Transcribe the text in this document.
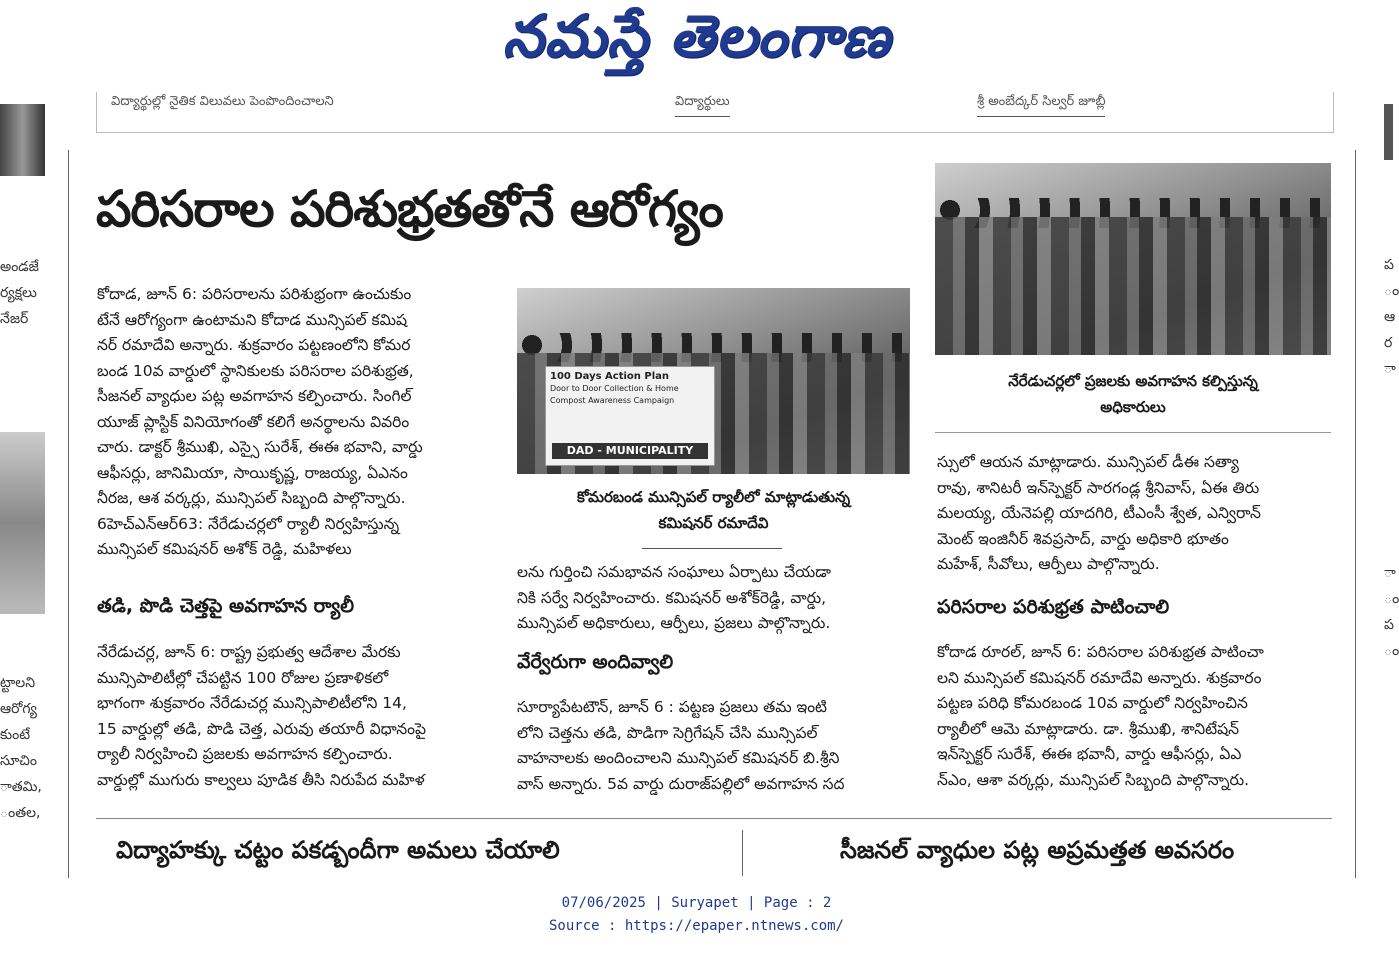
నమస్తే తెలంగాణ
విద్యార్థుల్లో నైతిక విలువలు పెంపొందించాలని	విద్యార్థులు	శ్రీ అంబేద్కర్ సిల్వర్ జూబ్లీ
అండజే
ర్యక్షలు
నేజర్
ట్టాలని
ఆరోగ్య
కుంటే
సూచిం
ాతమి,
ంతల,
ప
ం
ఆ
ర
ా
ా
ం
ప
ం
పరిసరాల పరిశుభ్రతతోనే ఆరోగ్యం

కోదాడ, జూన్ 6: పరిసరాలను పరిశుభ్రంగా ఉంచుకుం

టేనే ఆరోగ్యంగా ఉంటామని కోదాడ మున్సిపల్ కమిష

నర్ రమాదేవి అన్నారు. శుక్రవారం పట్టణంలోని కోమర

బండ 10వ వార్డులో స్థానికులకు పరిసరాల పరిశుభ్రత,

సీజనల్ వ్యాధుల పట్ల అవగాహన కల్పించారు. సింగిల్

యూజ్ ప్లాస్టిక్ వినియోగంతో కలిగే అనర్థాలను వివరిం

చారు. డాక్టర్ శ్రీముఖి, ఎస్సై సురేశ్, ఈఈ భవాని, వార్డు

ఆఫీసర్లు, జానిమియా, సాయికృష్ణ, రాజయ్య, ఏఎనం

నీరజ, ఆశ వర్కర్లు, మున్సిపల్ సిబ్బంది పాల్గొన్నారు.

6హెచ్ఎన్ఆర్63: నేరేడుచర్లలో ర్యాలీ నిర్వహిస్తున్న

మున్సిపల్ కమిషనర్ అశోక్ రెడ్డి, మహిళలు

తడి, పొడి చెత్తపై అవగాహన ర్యాలీ

నేరేడుచర్ల, జూన్ 6: రాష్ట్ర ప్రభుత్వ ఆదేశాల మేరకు

మున్సిపాలిటీల్లో చేపట్టిన 100 రోజుల ప్రణాళికలో

భాగంగా శుక్రవారం నేరేడుచర్ల మున్సిపాలిటీలోని 14,

15 వార్డుల్లో తడి, పొడి చెత్త, ఎరువు తయారీ విధానంపై

ర్యాలీ నిర్వహించి ప్రజలకు అవగాహన కల్పించారు.

వార్డుల్లో ముగురు కాల్వలు పూడిక తీసి నిరుపేద మహిళ

100 Days Action Plan
Door to Door Collection & Home Compost Awareness Campaign
DAD - MUNICIPALITY
కోమరబండ మున్సిపల్ ర్యాలీలో మాట్లాడుతున్న
కమిషనర్ రమాదేవి

లను గుర్తించి సమభావన సంఘాలు ఏర్పాటు చేయడా

నికి సర్వే నిర్వహించారు. కమిషనర్ అశోక్‌రెడ్డి, వార్డు,

మున్సిపల్ అధికారులు, ఆర్పీలు, ప్రజలు పాల్గొన్నారు.

వేర్వేరుగా అందివ్వాలి

సూర్యాపేటటౌన్, జూన్ 6 : పట్టణ ప్రజలు తమ ఇంటి

లోని చెత్తను తడి, పొడిగా సెగ్రిగేషన్ చేసి మున్సిపల్

వాహనాలకు అందించాలని మున్సిపల్ కమిషనర్ బి.శ్రీని

వాస్ అన్నారు. 5వ వార్డు దురాజ్‌పల్లిలో అవగాహన సద

నేరేడుచర్లలో ప్రజలకు అవగాహన కల్పిస్తున్న
అధికారులు

స్సులో ఆయన మాట్లాడారు. మున్సిపల్ డీఈ సత్యా

రావు, శానిటరీ ఇన్‌స్పెక్టర్ సారగండ్ల శ్రీనివాస్, ఏఈ తిరు

మలయ్య, యేనెపల్లి యాదగిరి, టీఎంసీ శ్వేత, ఎన్విరాన్

మెంట్ ఇంజినీర్ శివప్రసాద్, వార్డు అధికారి భూతం

మహేశ్, సీవోలు, ఆర్పీలు పాల్గొన్నారు.

పరిసరాల పరిశుభ్రత పాటించాలి

కోదాడ రూరల్, జూన్ 6: పరిసరాల పరిశుభ్రత పాటించా

లని మున్సిపల్ కమిషనర్ రమాదేవి అన్నారు. శుక్రవారం

పట్టణ పరిధి కోమరబండ 10వ వార్డులో నిర్వహించిన

ర్యాలీలో ఆమె మాట్లాడారు. డా. శ్రీముఖి, శానిటేషన్

ఇన్‌స్పెక్టర్ సురేశ్, ఈఈ భవానీ, వార్డు ఆఫీసర్లు, ఏఎ

న్ఎం, ఆశా వర్కర్లు, మున్సిపల్ సిబ్బంది పాల్గొన్నారు.

విద్యాహక్కు చట్టం పకడ్బందీగా అమలు చేయాలి	సీజనల్ వ్యాధుల పట్ల అప్రమత్తత అవసరం
07/06/2025 | Suryapet | Page : 2
Source : https://epaper.ntnews.com/
